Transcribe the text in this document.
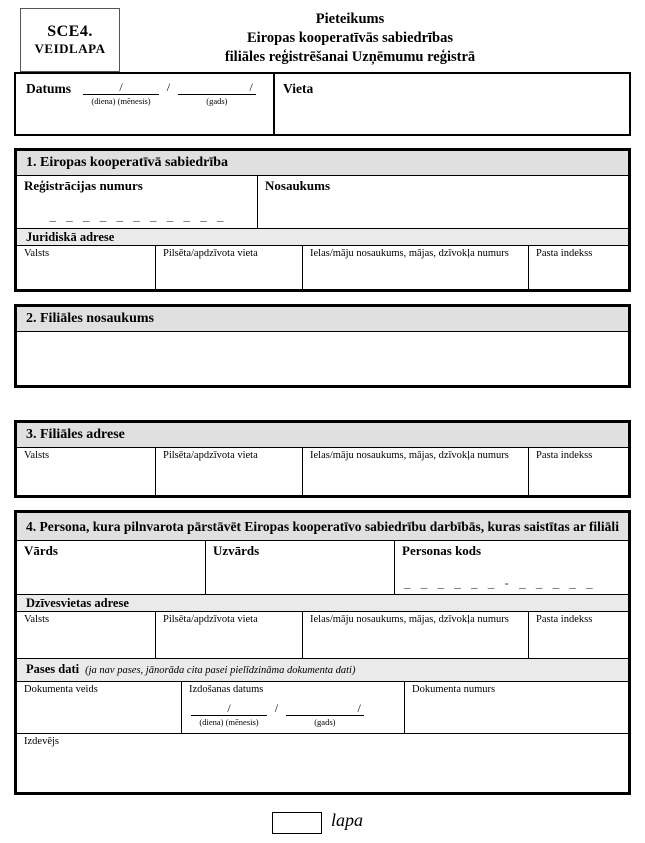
SCE4.
VEIDLAPA
Pieteikums
Eiropas kooperatīvās sabiedrības
filiāles reģistrēšanai Uzņēmumu reģistrā
Datums	/
(diena) (mēnesis)
/	/
(gads)
Vieta
1. Eiropas kooperatīvā sabiedrība
Reģistrācijas numurs
_ _ _ _ _ _ _ _ _ _ _
Nosaukums
Juridiskā adrese
Valsts	Pilsēta/apdzīvota vieta	Ielas/māju nosaukums, mājas, dzīvokļa numurs	Pasta indekss
2. Filiāles nosaukums
3. Filiāles adrese
Valsts	Pilsēta/apdzīvota vieta	Ielas/māju nosaukums, mājas, dzīvokļa numurs	Pasta indekss
4. Persona, kura pilnvarota pārstāvēt Eiropas kooperatīvo sabiedrību darbībās, kuras saistītas ar filiāli
Vārds	Uzvārds	Personas kods
_ _ _ _ _ _ - _ _ _ _ _
Dzīvesvietas adrese
Valsts	Pilsēta/apdzīvota vieta	Ielas/māju nosaukums, mājas, dzīvokļa numurs	Pasta indekss
Pases dati (ja nav pases, jānorāda cita pasei pielīdzināma dokumenta dati)
Dokumenta veids	Izdošanas datums
/
(diena) (mēnesis)
/	/
(gads)
Dokumenta numurs
Izdevējs
lapa
